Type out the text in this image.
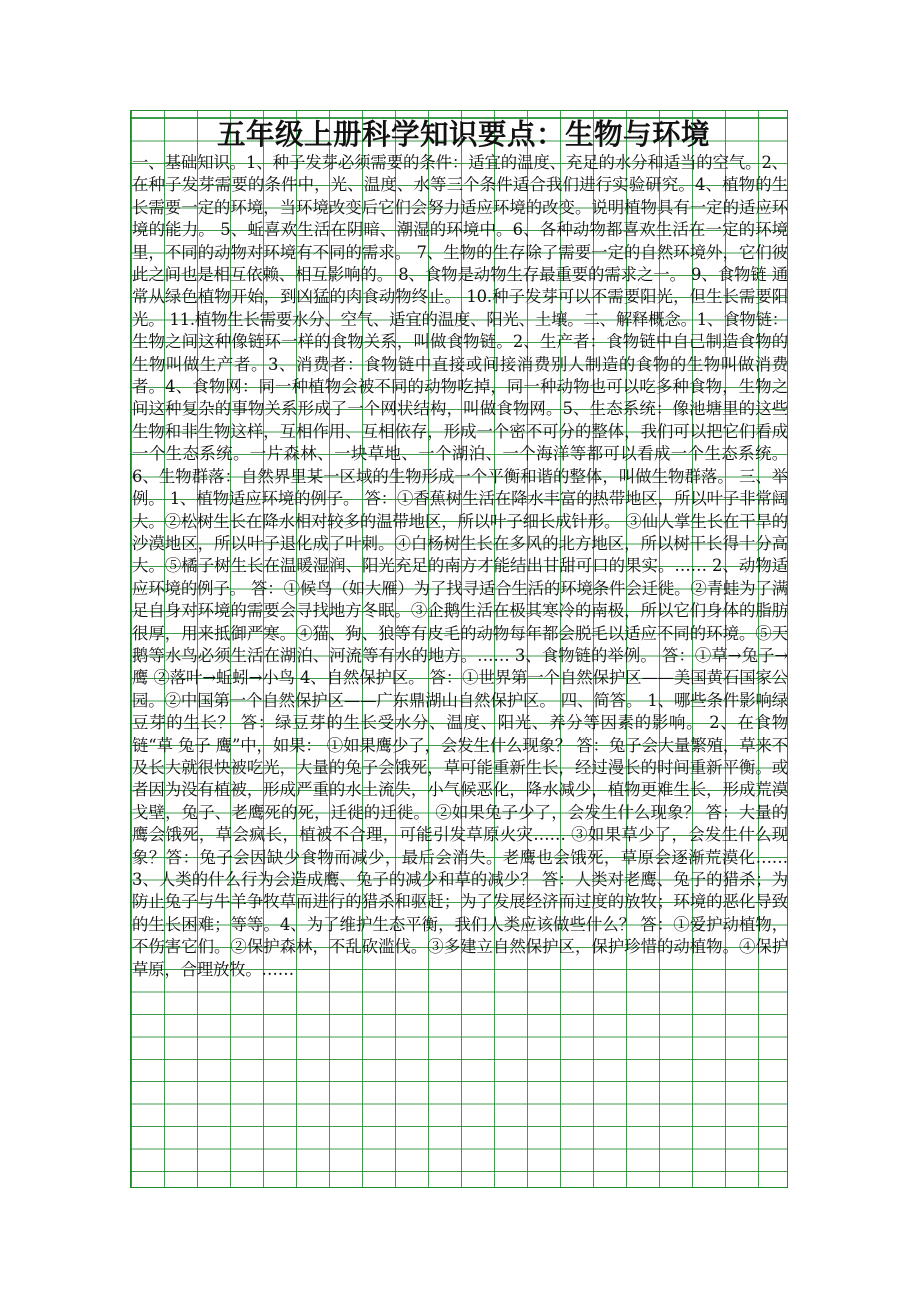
五年级上册科学知识要点：生物与环境
一、基础知识。1、种子发芽必须需要的条件：适宜的温度、充足的水分和适当的空气。2、在种子发芽需要的条件中，光、温度、水等三个条件适合我们进行实验研究。4、植物的生长需要一定的环境，当环境改变后它们会努力适应环境的改变。说明植物具有一定的适应环境的能力。 5、蚯喜欢生活在阴暗、潮湿的环境中。6、各种动物都喜欢生活在一定的环境里，不同的动物对环境有不同的需求。 7、生物的生存除了需要一定的自然环境外，它们彼此之间也是相互依赖、相互影响的。 8、食物是动物生存最重要的需求之一。 9、食物链 通常从绿色植物开始，到凶猛的肉食动物终止。 10.种子发芽可以不需要阳光，但生长需要阳光。 11.植物生长需要水分、空气、适宜的温度、阳光、土壤。二、解释概念。1、食物链：生物之间这种像链环一样的食物关系，叫做食物链。2、生产者：食物链中自己制造食物的生物叫做生产者。3、消费者：食物链中直接或间接消费别人制造的食物的生物叫做消费者。4、食物网：同一种植物会被不同的动物吃掉，同一种动物也可以吃多种食物，生物之间这种复杂的事物关系形成了一个网状结构，叫做食物网。5、生态系统：像池塘里的这些生物和非生物这样，互相作用、互相依存，形成一个密不可分的整体，我们可以把它们看成一个生态系统。一片森林、一块草地、一个湖泊、一个海洋等都可以看成一个生态系统。6、生物群落：自然界里某一区域的生物形成一个平衡和谐的整体，叫做生物群落。 三、举例。 1、植物适应环境的例子。 答：①香蕉树生活在降水丰富的热带地区，所以叶子非常阔大。②松树生长在降水相对较多的温带地区，所以叶子细长成针形。 ③仙人掌生长在干旱的沙漠地区，所以叶子退化成了叶刺。④白杨树生长在多风的北方地区，所以树干长得十分高大。⑤橘子树生长在温暖湿润、阳光充足的南方才能结出甘甜可口的果实。…… 2、动物适应环境的例子。 答：①候鸟（如大雁）为了找寻适合生活的环境条件会迁徙。②青蛙为了满足自身对环境的需要会寻找地方冬眠。③企鹅生活在极其寒冷的南极，所以它们身体的脂肪很厚，用来抵御严寒。④猫、狗、狼等有皮毛的动物每年都会脱毛以适应不同的环境。⑤天鹅等水鸟必须生活在湖泊、河流等有水的地方。…… 3、食物链的举例。 答：①草→兔子→鹰 ②落叶→蚯蚓→小鸟 4、自然保护区。 答：①世界第一个自然保护区——美国黄石国家公园。②中国第一个自然保护区——广东鼎湖山自然保护区。 四、简答。 1、哪些条件影响绿豆芽的生长？ 答：绿豆芽的生长受水分、温度、阳光、养分等因素的影响。 2、在食物链“草 兔子 鹰”中，如果： ①如果鹰少了，会发生什么现象？ 答：兔子会大量繁殖，草来不及长大就很快被吃光，大量的兔子会饿死，草可能重新生长，经过漫长的时间重新平衡。或者因为没有植被，形成严重的水土流失，小气候恶化，降水减少，植物更难生长，形成荒漠戈壁，兔子、老鹰死的死，迁徙的迁徙。 ②如果兔子少了，会发生什么现象？ 答：大量的鹰会饿死，草会疯长，植被不合理，可能引发草原火灾…… ③如果草少了，会发生什么现象？答：兔子会因缺少食物而减少，最后会消失。老鹰也会饿死，草原会逐渐荒漠化…… 3、人类的什么行为会造成鹰、兔子的减少和草的减少？ 答：人类对老鹰、兔子的猎杀；为防止兔子与牛羊争牧草而进行的猎杀和驱赶；为了发展经济而过度的放牧；环境的恶化导致的生长困难；等等。4、为了维护生态平衡，我们人类应该做些什么？ 答：①爱护动植物，不伤害它们。②保护森林，不乱砍滥伐。③多建立自然保护区，保护珍惜的动植物。④保护草原，合理放牧。……
